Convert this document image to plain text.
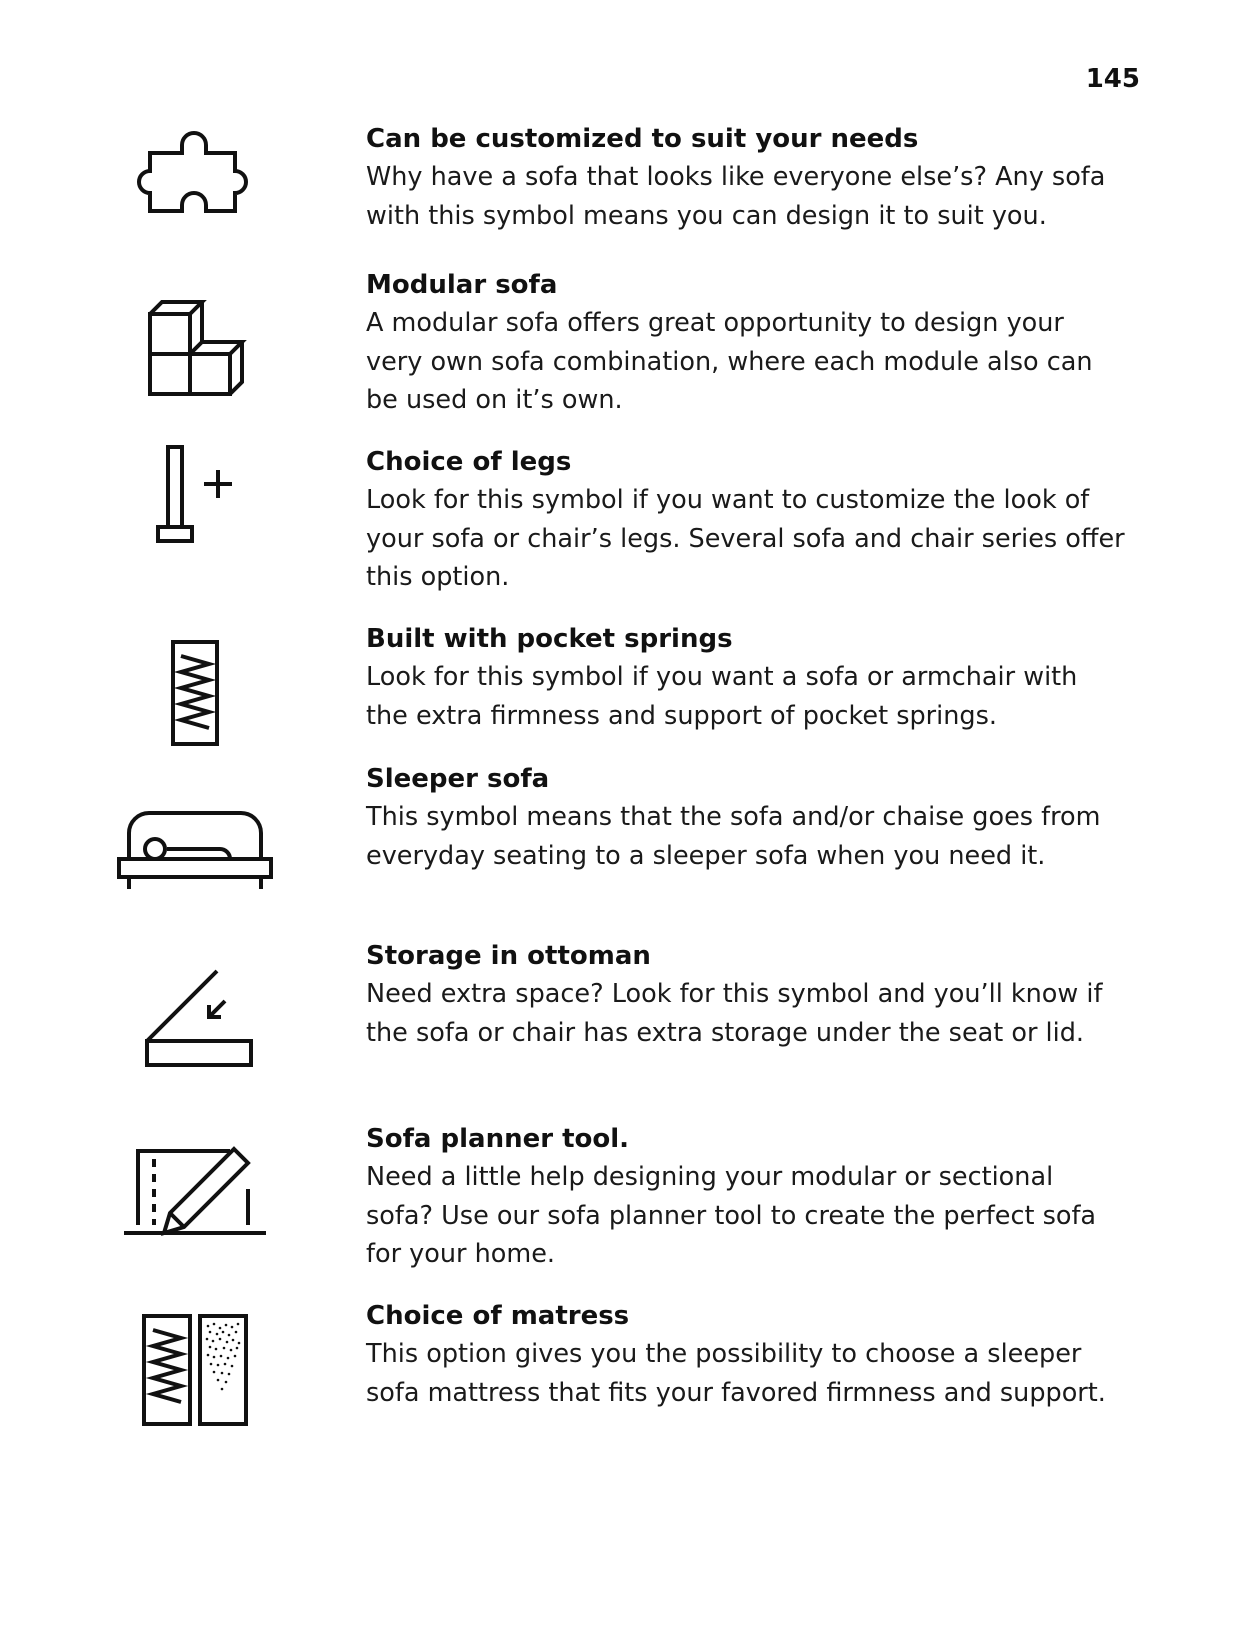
145

Can be customized to suit your needs

Why have a sofa that looks like everyone else’s? Any sofa with this symbol means you can design it to suit you.

Modular sofa

A modular sofa offers great opportunity to design your very own sofa combination, where each module also can be used on it’s own.

Choice of legs

Look for this symbol if you want to customize the look of your sofa or chair’s legs. Several sofa and chair series offer this option.

Built with pocket springs

Look for this symbol if you want a sofa or armchair with the extra firmness and support of pocket springs.

Sleeper sofa

This symbol means that the sofa and/or chaise goes from everyday seating to a sleeper sofa when you need it.

Storage in ottoman

Need extra space? Look for this symbol and you’ll know if the sofa or chair has extra storage under the seat or lid.

Sofa planner tool.

Need a little help designing your modular or sectional sofa? Use our sofa planner tool to create the perfect sofa for your home.

Choice of matress

This option gives you the possibility to choose a sleeper sofa mattress that fits your favored firmness and support.
